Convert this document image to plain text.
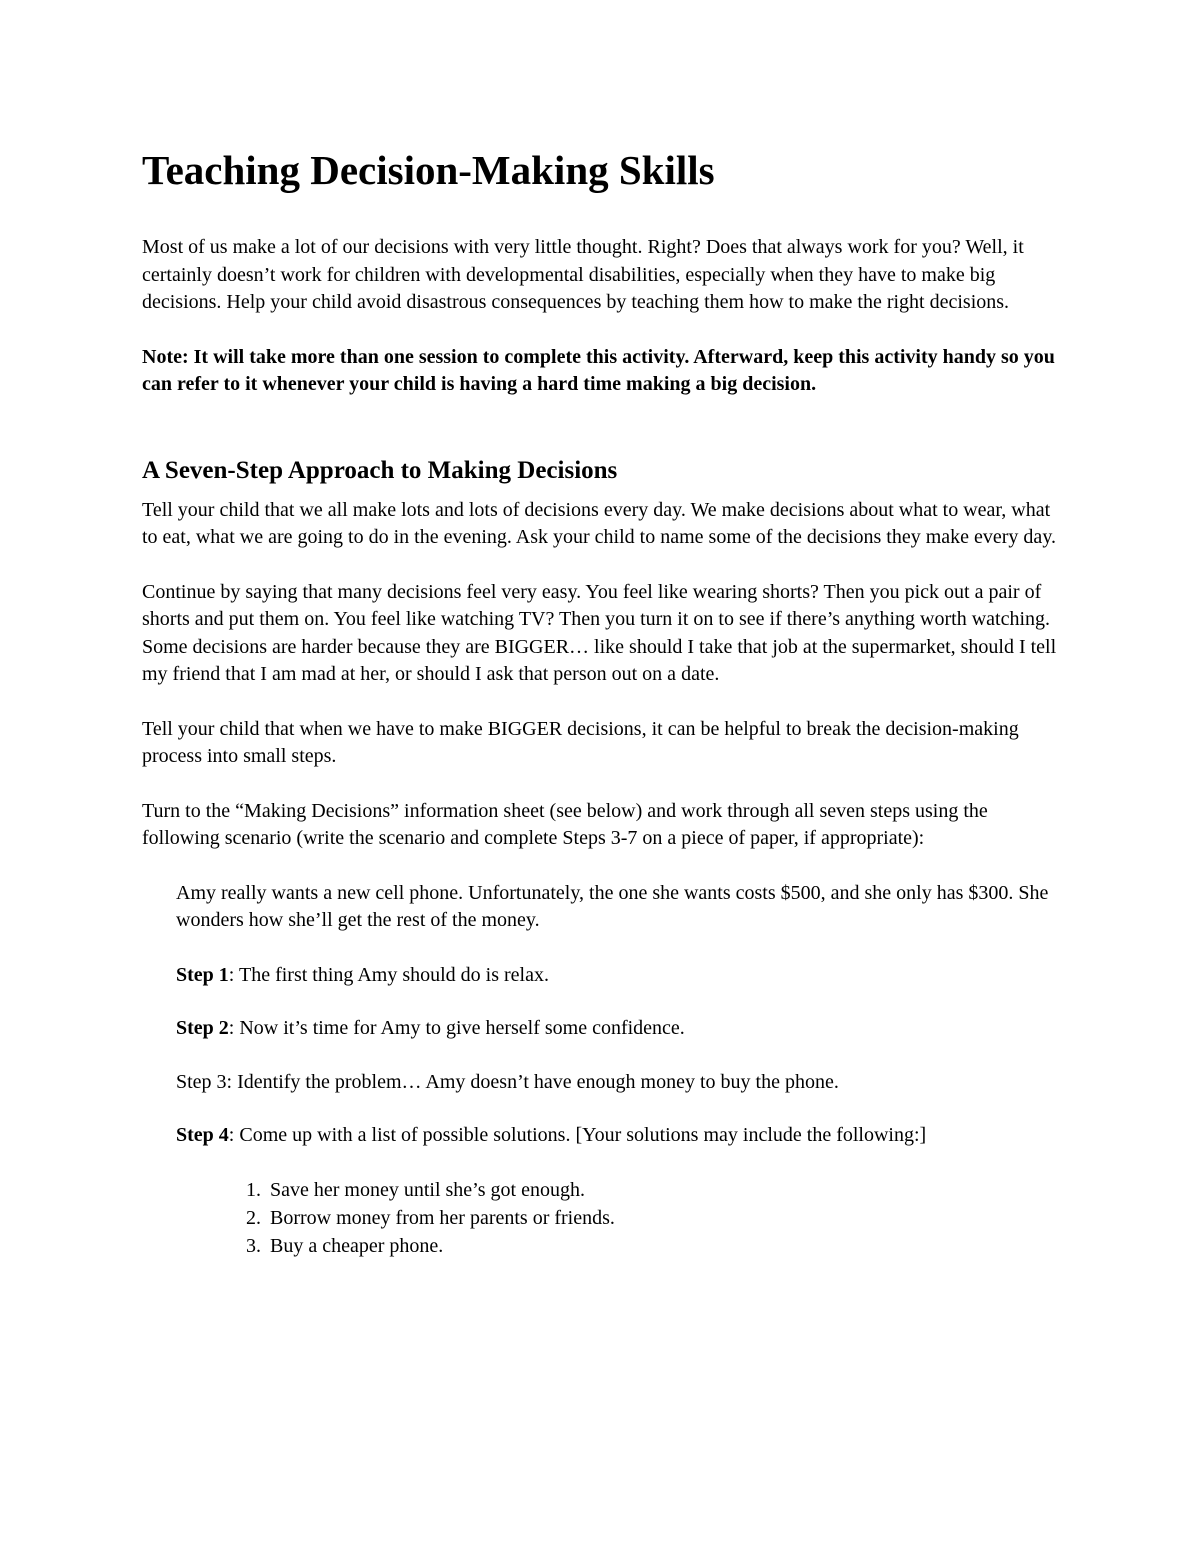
Teaching Decision-Making Skills

Most of us make a lot of our decisions with very little thought. Right? Does that always work for you? Well, it certainly doesn’t work for children with developmental disabilities, especially when they have to make big decisions. Help your child avoid disastrous consequences by teaching them how to make the right decisions.

Note: It will take more than one session to complete this activity. Afterward, keep this activity handy so you can refer to it whenever your child is having a hard time making a big decision.

A Seven-Step Approach to Making Decisions

Tell your child that we all make lots and lots of decisions every day. We make decisions about what to wear, what to eat, what we are going to do in the evening. Ask your child to name some of the decisions they make every day.

Continue by saying that many decisions feel very easy. You feel like wearing shorts? Then you pick out a pair of shorts and put them on. You feel like watching TV? Then you turn it on to see if there’s anything worth watching. Some decisions are harder because they are BIGGER… like should I take that job at the supermarket, should I tell my friend that I am mad at her, or should I ask that person out on a date.

Tell your child that when we have to make BIGGER decisions, it can be helpful to break the decision-making process into small steps.

Turn to the “Making Decisions” information sheet (see below) and work through all seven steps using the following scenario (write the scenario and complete Steps 3-7 on a piece of paper, if appropriate):

Amy really wants a new cell phone. Unfortunately, the one she wants costs $500, and she only has $300. She wonders how she’ll get the rest of the money.

Step 1: The first thing Amy should do is relax.

Step 2: Now it’s time for Amy to give herself some confidence.

Step 3: Identify the problem… Amy doesn’t have enough money to buy the phone.

Step 4: Come up with a list of possible solutions. [Your solutions may include the following:]

1. Save her money until she’s got enough.
2. Borrow money from her parents or friends.
3. Buy a cheaper phone.
